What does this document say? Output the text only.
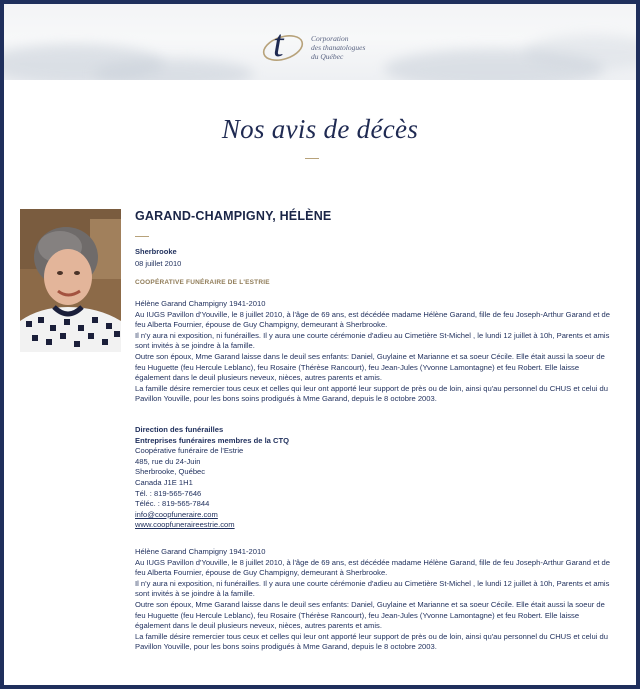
t	Corporation
des thanatologues
du Québec
Nos avis de décès
GARAND-CHAMPIGNY, HÉLÈNE
Sherbrooke
08 juillet 2010
COOPÉRATIVE FUNÉRAIRE DE L'ESTRIE

Hélène Garand Champigny 1941-2010

Au IUGS Pavillon d'Youville, le 8 juillet 2010, à l'âge de 69 ans, est décédée madame Hélène Garand, fille de feu Joseph-Arthur Garand et de feu Alberta Fournier, épouse de Guy Champigny, demeurant à Sherbrooke.

Il n'y aura ni exposition, ni funérailles. Il y aura une courte cérémonie d'adieu au Cimetière St-Michel , le lundi 12 juillet à 10h, Parents et amis sont invités à se joindre à la famille.

Outre son époux, Mme Garand laisse dans le deuil ses enfants: Daniel, Guylaine et Marianne et sa soeur Cécile. Elle était aussi la soeur de feu Huguette (feu Hercule Leblanc), feu Rosaire (Thérèse Rancourt), feu Jean-Jules (Yvonne Lamontagne) et feu Robert. Elle laisse également dans le deuil plusieurs neveux, nièces, autres parents et amis.

La famille désire remercier tous ceux et celles qui leur ont apporté leur support de près ou de loin, ainsi qu'au personnel du CHUS et celui du Pavillon Youville, pour les bons soins prodigués à Mme Garand, depuis le 8 octobre 2003.

Direction des funérailles

Entreprises funéraires membres de la CTQ

Coopérative funéraire de l'Estrie

485, rue du 24-Juin

Sherbrooke, Québec

Canada J1E 1H1

Tél. : 819-565-7646

Téléc. : 819-565-7844

info@coopfuneraire.com

www.coopfuneraireestrie.com

Hélène Garand Champigny 1941-2010

Au IUGS Pavillon d'Youville, le 8 juillet 2010, à l'âge de 69 ans, est décédée madame Hélène Garand, fille de feu Joseph-Arthur Garand et de feu Alberta Fournier, épouse de Guy Champigny, demeurant à Sherbrooke.

Il n'y aura ni exposition, ni funérailles. Il y aura une courte cérémonie d'adieu au Cimetière St-Michel , le lundi 12 juillet à 10h, Parents et amis sont invités à se joindre à la famille.

Outre son époux, Mme Garand laisse dans le deuil ses enfants: Daniel, Guylaine et Marianne et sa soeur Cécile. Elle était aussi la soeur de feu Huguette (feu Hercule Leblanc), feu Rosaire (Thérèse Rancourt), feu Jean-Jules (Yvonne Lamontagne) et feu Robert. Elle laisse également dans le deuil plusieurs neveux, nièces, autres parents et amis.

La famille désire remercier tous ceux et celles qui leur ont apporté leur support de près ou de loin, ainsi qu'au personnel du CHUS et celui du Pavillon Youville, pour les bons soins prodigués à Mme Garand, depuis le 8 octobre 2003.
